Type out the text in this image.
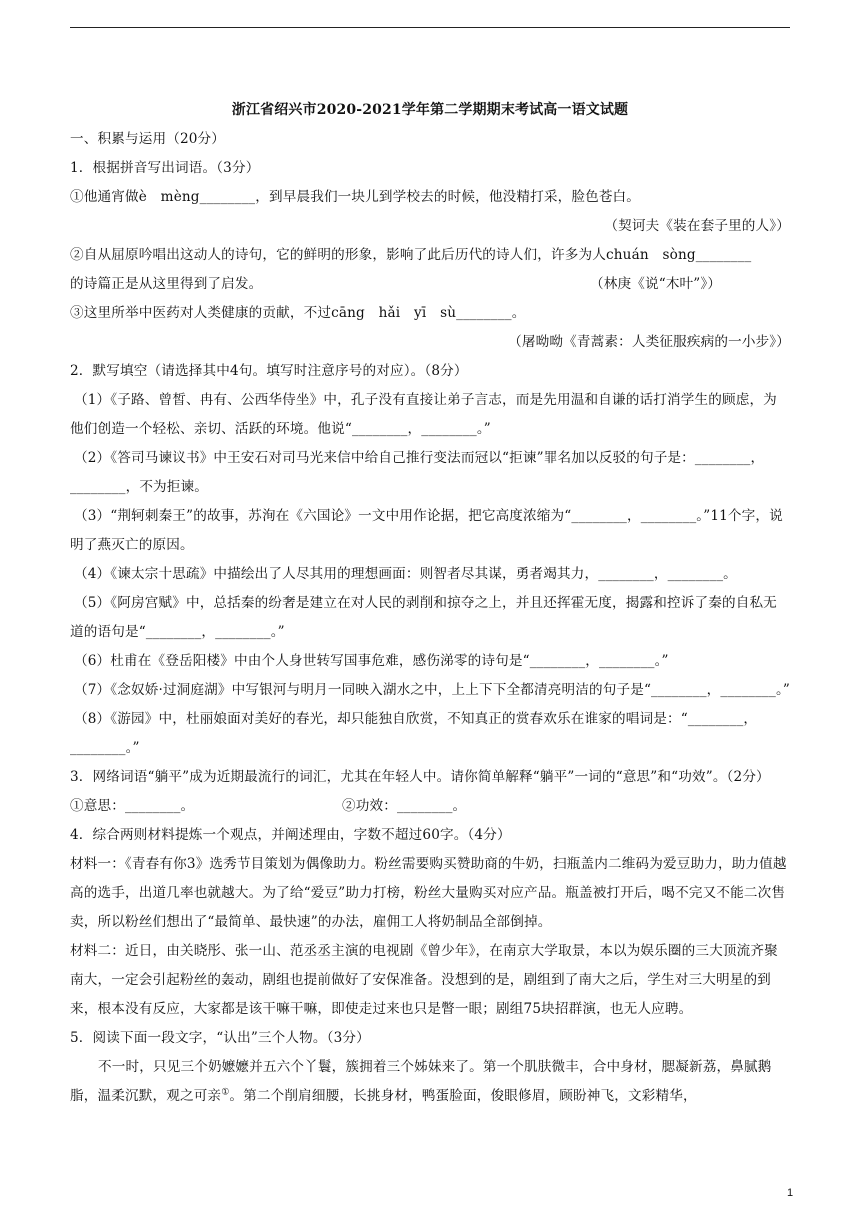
浙江省绍兴市2020-2021学年第二学期期末考试高一语文试题

一、积累与运用（20分）

1．根据拼音写出词语。（3分）

①他通宵做è　mèng________，到早晨我们一块儿到学校去的时候，他没精打采，脸色苍白。

（契诃夫《装在套子里的人》）

②自从屈原吟唱出这动人的诗句，它的鲜明的形象，影响了此后历代的诗人们，许多为人chuán　sòng________

的诗篇正是从这里得到了启发。	（林庚《说“木叶”》）

③这里所举中医药对人类健康的贡献，不过cāng　hǎi　yī　sù________。

（屠呦呦《青蒿素：人类征服疾病的一小步》）

2．默写填空（请选择其中4句。填写时注意序号的对应）。（8分）

（1）《子路、曾皙、冉有、公西华侍坐》中，孔子没有直接让弟子言志，而是先用温和自谦的话打消学生的顾虑，为他们创造一个轻松、亲切、活跃的环境。他说“________，________。”

（2）《答司马谏议书》中王安石对司马光来信中给自己推行变法而冠以“拒谏”罪名加以反驳的句子是：________，________，不为拒谏。

（3）“荆轲刺秦王”的故事，苏洵在《六国论》一文中用作论据，把它高度浓缩为“________，________。”11个字，说明了燕灭亡的原因。

（4）《谏太宗十思疏》中描绘出了人尽其用的理想画面：则智者尽其谋，勇者竭其力，________，________。

（5）《阿房宫赋》中，总括秦的纷奢是建立在对人民的剥削和掠夺之上，并且还挥霍无度，揭露和控诉了秦的自私无道的语句是“________，________。”

（6）杜甫在《登岳阳楼》中由个人身世转写国事危难，感伤涕零的诗句是“________，________。”

（7）《念奴娇·过洞庭湖》中写银河与明月一同映入湖水之中，上上下下全都清亮明洁的句子是“________，________。”

（8）《游园》中，杜丽娘面对美好的春光，却只能独自欣赏，不知真正的赏春欢乐在谁家的唱词是：“________，________。”

3．网络词语“躺平”成为近期最流行的词汇，尤其在年轻人中。请你简单解释“躺平”一词的“意思”和“功效”。（2分）

①意思：________。	②功效：________。

4．综合两则材料提炼一个观点，并阐述理由，字数不超过60字。（4分）

材料一：《青春有你3》选秀节目策划为偶像助力。粉丝需要购买赞助商的牛奶，扫瓶盖内二维码为爱豆助力，助力值越高的选手，出道几率也就越大。为了给“爱豆”助力打榜，粉丝大量购买对应产品。瓶盖被打开后，喝不完又不能二次售卖，所以粉丝们想出了“最简单、最快速”的办法，雇佣工人将奶制品全部倒掉。

材料二：近日，由关晓彤、张一山、范丞丞主演的电视剧《曾少年》，在南京大学取景，本以为娱乐圈的三大顶流齐聚南大，一定会引起粉丝的轰动，剧组也提前做好了安保准备。没想到的是，剧组到了南大之后，学生对三大明星的到来，根本没有反应，大家都是该干嘛干嘛，即使走过来也只是瞥一眼；剧组75块招群演，也无人应聘。

5．阅读下面一段文字，“认出”三个人物。（3分）

不一时，只见三个奶嬷嬷并五六个丫鬟，簇拥着三个姊妹来了。第一个肌肤微丰，合中身材，腮凝新荔，鼻腻鹅脂，温柔沉默，观之可亲①。第二个削肩细腰，长挑身材，鸭蛋脸面，俊眼修眉，顾盼神飞，文彩精华，

1
